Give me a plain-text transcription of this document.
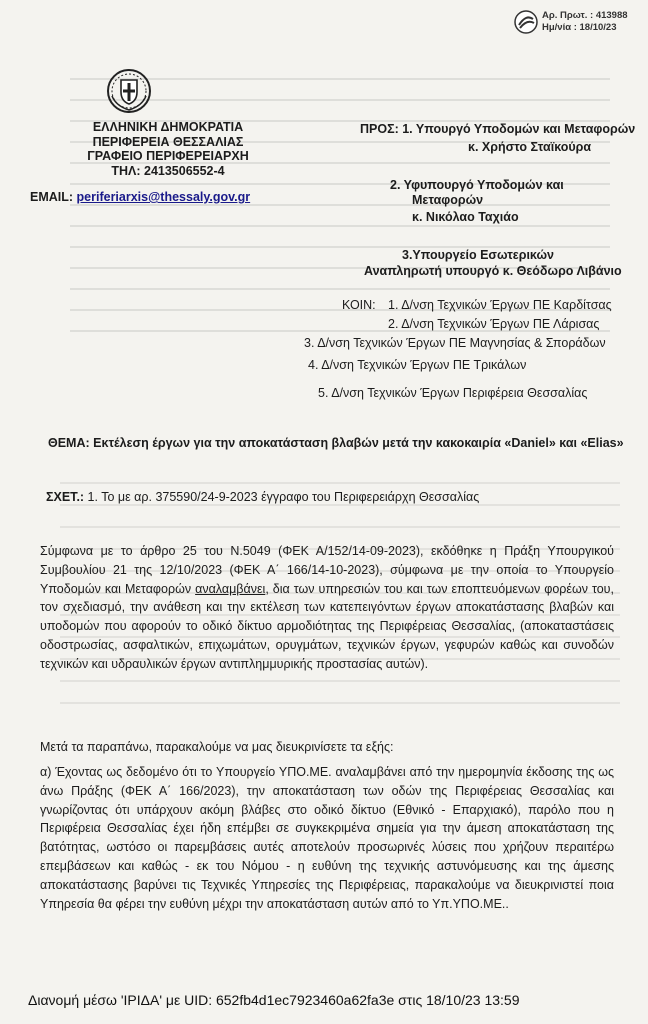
Αρ. Πρωτ. : 413988
Ημ/νία : 18/10/23
ΕΛΛΗΝΙΚΗ ΔΗΜΟΚΡΑΤΙΑ
ΠΕΡΙΦΕΡΕΙΑ ΘΕΣΣΑΛΙΑΣ
ΓΡΑΦΕΙΟ ΠΕΡΙΦΕΡΕΙΑΡΧΗ
ΤΗΛ: 2413506552-4
EMAIL: periferiarxis@thessaly.gov.gr
ΠΡΟΣ: 1. Υπουργό Υποδομών και Μεταφορών
κ. Χρήστο Σταϊκούρα
2. Υφυπουργό Υποδομών και
Μεταφορών
κ. Νικόλαο Ταχιάο
3.Υπουργείο Εσωτερικών
Αναπληρωτή υπουργό κ. Θεόδωρο Λιβάνιο
ΚΟΙΝ: 1. Δ/νση Τεχνικών Έργων ΠΕ Καρδίτσας
2. Δ/νση Τεχνικών Έργων ΠΕ Λάρισας
3. Δ/νση Τεχνικών Έργων ΠΕ Μαγνησίας & Σποράδων
4. Δ/νση Τεχνικών Έργων ΠΕ Τρικάλων
5. Δ/νση Τεχνικών Έργων Περιφέρεια Θεσσαλίας
ΘΕΜΑ: Εκτέλεση έργων για την αποκατάσταση βλαβών μετά την κακοκαιρία «Daniel» και «Elias»
ΣΧΕΤ.: 1. Το με αρ. 375590/24-9-2023 έγγραφο του Περιφερειάρχη Θεσσαλίας

Σύμφωνα με το άρθρο 25 του Ν.5049 (ΦΕΚ Α/152/14-09-2023), εκδόθηκε η Πράξη Υπουργικού Συμβουλίου 21 της 12/10/2023 (ΦΕΚ Α΄ 166/14-10-2023), σύμφωνα με την οποία το Υπουργείο Υποδομών και Μεταφορών αναλαμβάνει, δια των υπηρεσιών του και των εποπτευόμενων φορέων του, τον σχεδιασμό, την ανάθεση και την εκτέλεση των κατεπειγόντων έργων αποκατάστασης βλαβών και υποδομών που αφορούν το οδικό δίκτυο αρμοδιότητας της Περιφέρειας Θεσσαλίας, (αποκαταστάσεις οδοστρωσίας, ασφαλτικών, επιχωμάτων, ορυγμάτων, τεχνικών έργων, γεφυρών καθώς και συνοδών τεχνικών και υδραυλικών έργων αντιπλημμυρικής προστασίας αυτών).

Μετά τα παραπάνω, παρακαλούμε να μας διευκρινίσετε τα εξής:

α) Έχοντας ως δεδομένο ότι το Υπουργείο ΥΠΟ.ΜΕ. αναλαμβάνει από την ημερομηνία έκδοσης της ως άνω Πράξης (ΦΕΚ Α΄ 166/2023), την αποκατάσταση των οδών της Περιφέρειας Θεσσαλίας και γνωρίζοντας ότι υπάρχουν ακόμη βλάβες στο οδικό δίκτυο (Εθνικό - Επαρχιακό), παρόλο που η Περιφέρεια Θεσσαλίας έχει ήδη επέμβει σε συγκεκριμένα σημεία για την άμεση αποκατάσταση της βατότητας, ωστόσο οι παρεμβάσεις αυτές αποτελούν προσωρινές λύσεις που χρήζουν περαιτέρω επεμβάσεων και καθώς - εκ του Νόμου - η ευθύνη της τεχνικής αστυνόμευσης και της άμεσης αποκατάστασης βαρύνει τις Τεχνικές Υπηρεσίες της Περιφέρειας, παρακαλούμε να διευκρινιστεί ποια Υπηρεσία θα φέρει την ευθύνη μέχρι την αποκατάσταση αυτών από το Υπ.ΥΠΟ.ΜΕ..

Διανομή μέσω 'ΙΡΙΔΑ' με UID: 652fb4d1ec7923460a62fa3e στις 18/10/23 13:59
